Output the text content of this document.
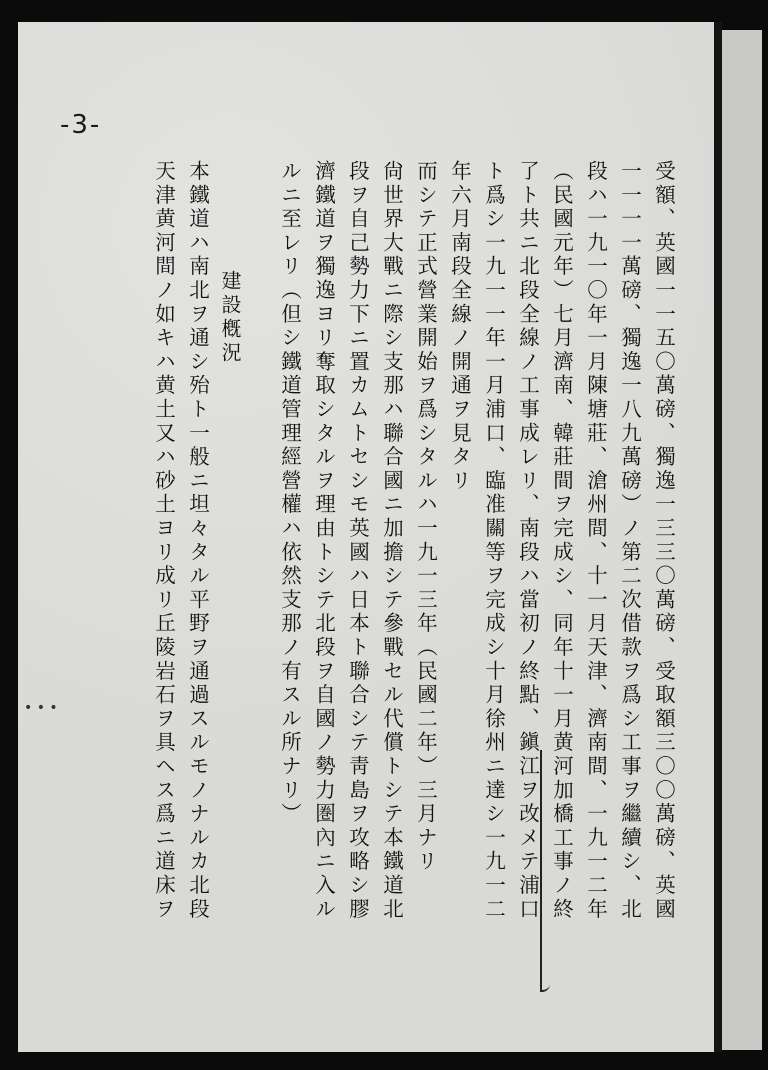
-3-
受額、英國一一五〇萬磅、獨逸一三三〇萬磅、受取額三〇〇萬磅、英國
一一一一萬磅、獨逸一八九萬磅）ノ第二次借款ヲ爲シ工事ヲ繼續シ、北
段ハ一九一〇年一月陳塘莊、滄州間、十一月天津、濟南間、一九一二年
（民國元年）七月濟南、韓莊間ヲ完成シ、同年十一月黄河加橋工事ノ終
了ト共ニ北段全線ノ工事成レリ、南段ハ當初ノ終點、鎭江ヲ改メテ浦口
ト爲シ一九一一年一月浦口、臨准關等ヲ完成シ十月徐州ニ達シ一九一二
年六月南段全線ノ開通ヲ見タリ
而シテ正式營業開始ヲ爲シタルハ一九一三年（民國二年）三月ナリ
尙世界大戰ニ際シ支那ハ聯合國ニ加擔シテ參戰セル代償トシテ本鐵道北
段ヲ自己勢力下ニ置カムトセシモ英國ハ日本ト聯合シテ靑島ヲ攻略シ膠
濟鐵道ヲ獨逸ヨリ奪取シタルヲ理由トシテ北段ヲ自國ノ勢力圏內ニ入ル
ルニ至レリ（但シ鐵道管理經營權ハ依然支那ノ有スル所ナリ）
建設槪況
本鐵道ハ南北ヲ通シ殆ト一般ニ坦々タル平野ヲ通過スルモノナルカ北段
天津黄河間ノ如キハ黄土又ハ砂土ヨリ成リ丘陵岩石ヲ具ヘス爲ニ道床ヲ
• • •
